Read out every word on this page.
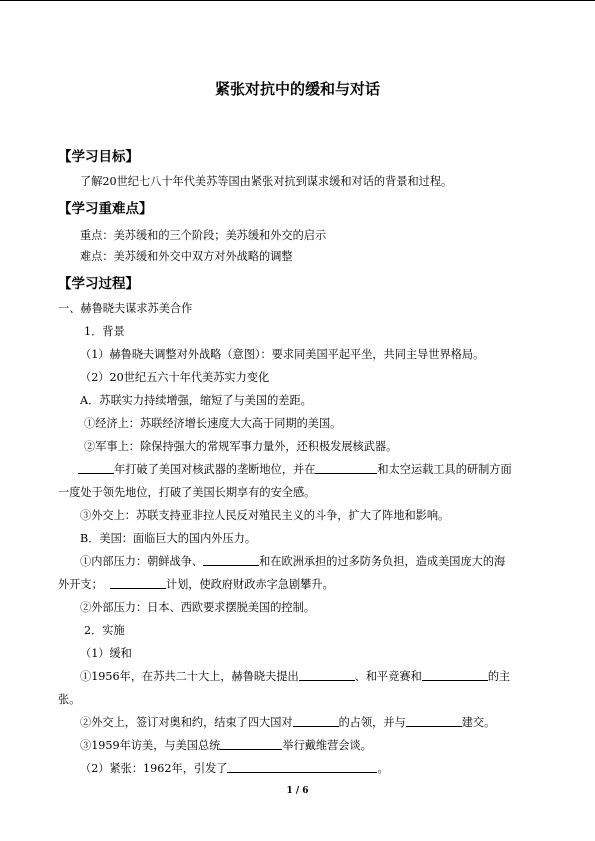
紧张对抗中的缓和与对话
【学习目标】
了解20世纪七八十年代美苏等国由紧张对抗到谋求缓和对话的背景和过程。
【学习重难点】
重点：美苏缓和的三个阶段；美苏缓和外交的启示
难点：美苏缓和外交中双方对外战略的调整
【学习过程】
一、赫鲁晓夫谋求苏美合作
1．背景
（1）赫鲁晓夫调整对外战略（意图）：要求同美国平起平坐，共同主导世界格局。
（2）20世纪五六十年代美苏实力变化
A．苏联实力持续增强，缩短了与美国的差距。
①经济上：苏联经济增长速度大大高于同期的美国。
②军事上：除保持强大的常规军事力量外，还积极发展核武器。
年打破了美国对核武器的垄断地位，并在	和太空运载工具的研制方面
一度处于领先地位，打破了美国长期享有的安全感。
③外交上：苏联支持亚非拉人民反对殖民主义的斗争，扩大了阵地和影响。
B．美国：面临巨大的国内外压力。
①内部压力：朝鲜战争、	和在欧洲承担的过多防务负担，造成美国庞大的海
外开支；	计划，使政府财政赤字急剧攀升。
②外部压力：日本、西欧要求摆脱美国的控制。
2．实施
（1）缓和
①1956年，在苏共二十大上，赫鲁晓夫提出	、和平竞赛和	的主
张。
②外交上，签订对奥和约，结束了四大国对	的占领，并与	建交。
③1959年访美，与美国总统	举行戴维营会谈。
（2）紧张：1962年，引发了	。
1 / 6
